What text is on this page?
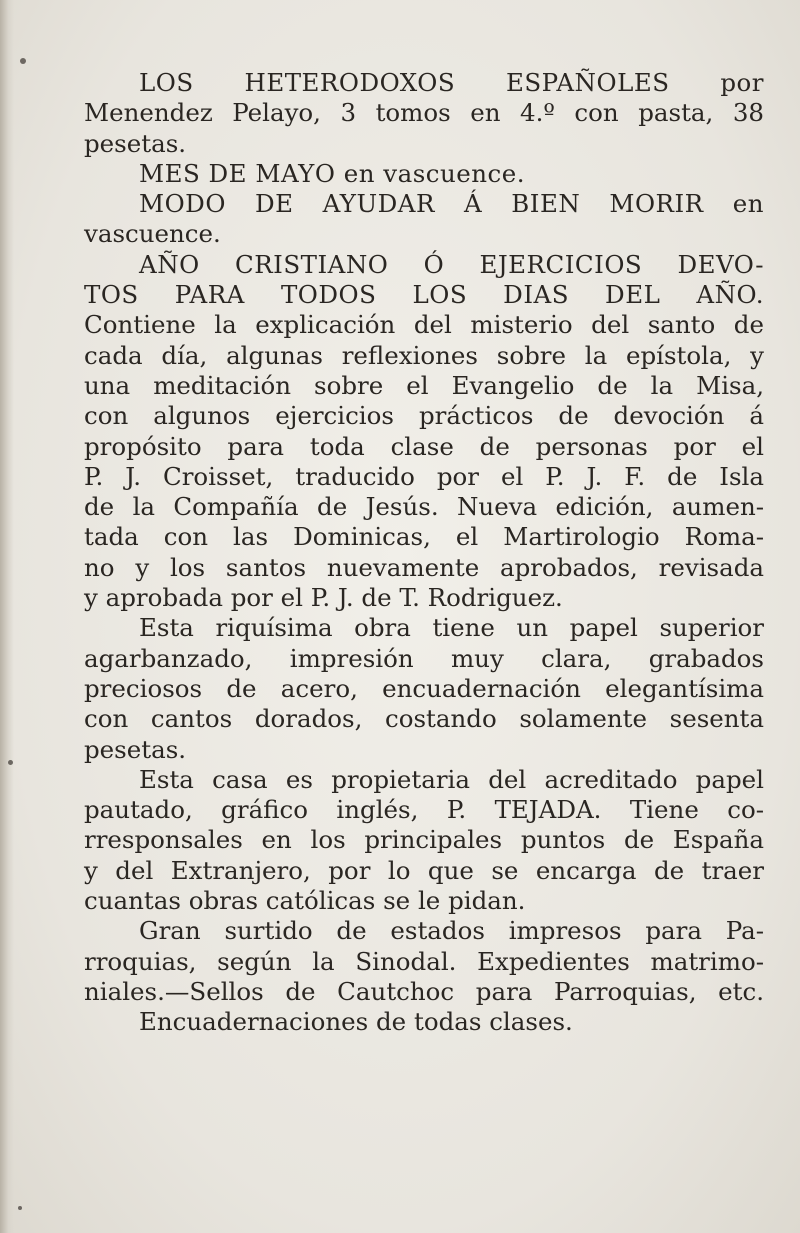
LOS HETERODOXOS ESPAÑOLES por
Menendez Pelayo, 3 tomos en 4.º con pasta, 38
pesetas.
MES DE MAYO en vascuence.
MODO DE AYUDAR Á BIEN MORIR en
vascuence.
AÑO CRISTIANO Ó EJERCICIOS DEVO-
TOS PARA TODOS LOS DIAS DEL AÑO.
Contiene la explicación del misterio del santo de
cada día, algunas reflexiones sobre la epístola, y
una meditación sobre el Evangelio de la Misa,
con algunos ejercicios prácticos de devoción á
propósito para toda clase de personas por el
P. J. Croisset, traducido por el P. J. F. de Isla
de la Compañía de Jesús. Nueva edición, aumen-
tada con las Dominicas, el Martirologio Roma-
no y los santos nuevamente aprobados, revisada
y aprobada por el P. J. de T. Rodriguez.
Esta riquísima obra tiene un papel superior
agarbanzado, impresión muy clara, grabados
preciosos de acero, encuadernación elegantísima
con cantos dorados, costando solamente sesenta
pesetas.
Esta casa es propietaria del acreditado papel
pautado, gráfico inglés, P. TEJADA. Tiene co-
rresponsales en los principales puntos de España
y del Extranjero, por lo que se encarga de traer
cuantas obras católicas se le pidan.
Gran surtido de estados impresos para Pa-
rroquias, según la Sinodal. Expedientes matrimo-
niales.—Sellos de Cautchoc para Parroquias, etc.
Encuadernaciones de todas clases.
